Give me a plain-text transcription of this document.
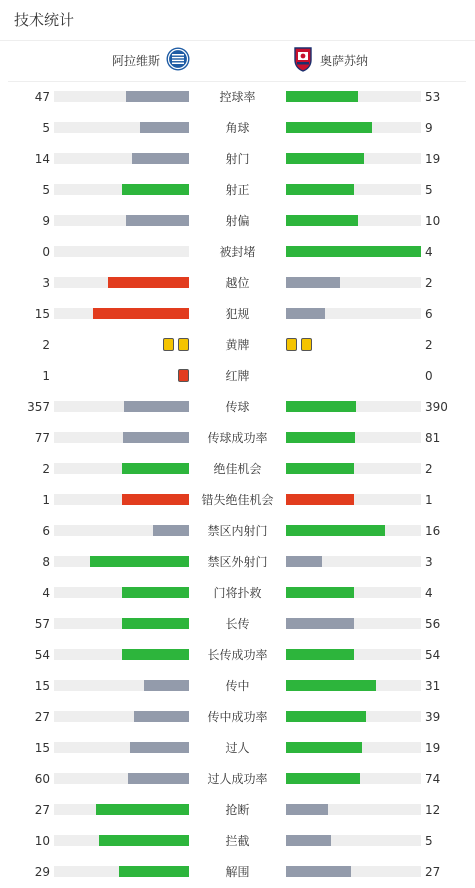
技术统计
阿拉维斯	奥萨苏纳
47	控球率	53
5	角球	9
14	射门	19
5	射正	5
9	射偏	10
0	被封堵	4
3	越位	2
15	犯规	6
2	黄牌	2
1	红牌	0
357	传球	390
77	传球成功率	81
2	绝佳机会	2
1	错失绝佳机会	1
6	禁区内射门	16
8	禁区外射门	3
4	门将扑救	4
57	长传	56
54	长传成功率	54
15	传中	31
27	传中成功率	39
15	过人	19
60	过人成功率	74
27	抢断	12
10	拦截	5
29	解围	27
